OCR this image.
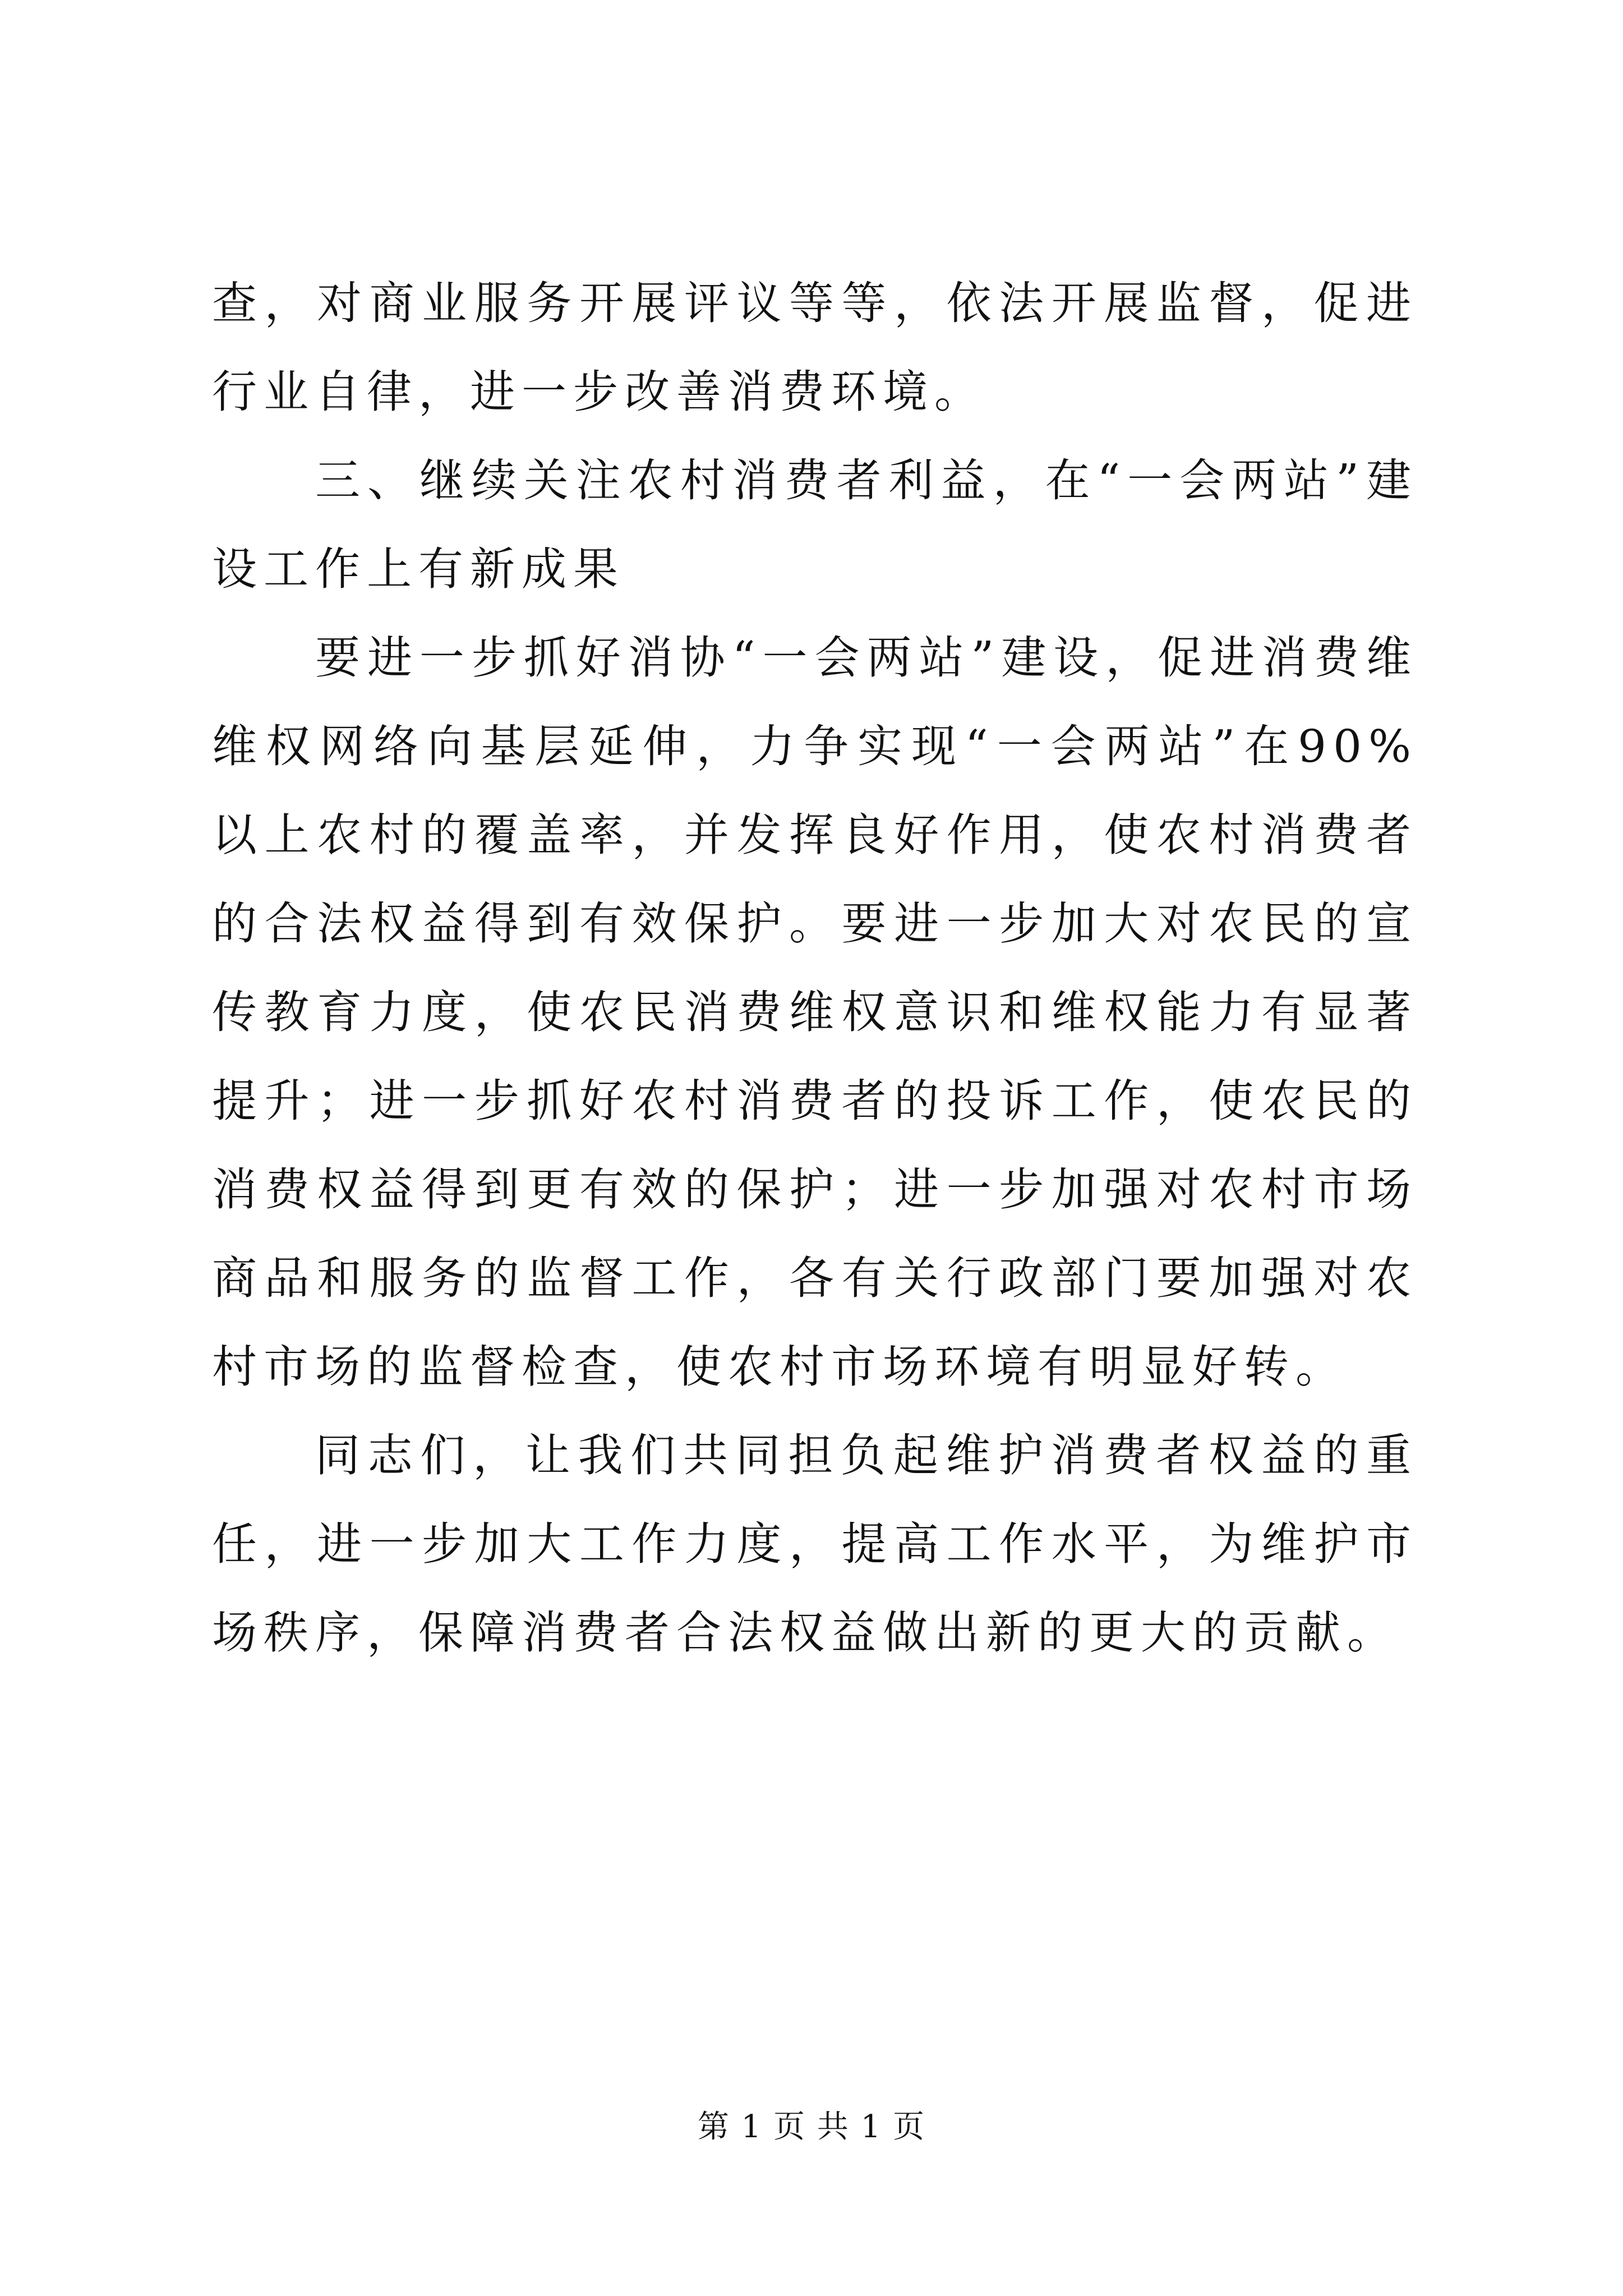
查，对商业服务开展评议等等，依法开展监督，促进行业自律，进一步改善消费环境。

三、继续关注农村消费者利益，在“一会两站”建设工作上有新成果

要进一步抓好消协“一会两站”建设，促进消费维维权网络向基层延伸，力争实现“一会两站”在90%以上农村的覆盖率，并发挥良好作用，使农村消费者的合法权益得到有效保护。要进一步加大对农民的宣传教育力度，使农民消费维权意识和维权能力有显著提升；进一步抓好农村消费者的投诉工作，使农民的消费权益得到更有效的保护；进一步加强对农村市场商品和服务的监督工作，各有关行政部门要加强对农村市场的监督检查，使农村市场环境有明显好转。

同志们，让我们共同担负起维护消费者权益的重任，进一步加大工作力度，提高工作水平，为维护市场秩序，保障消费者合法权益做出新的更大的贡献。

第 1 页 共 1 页
